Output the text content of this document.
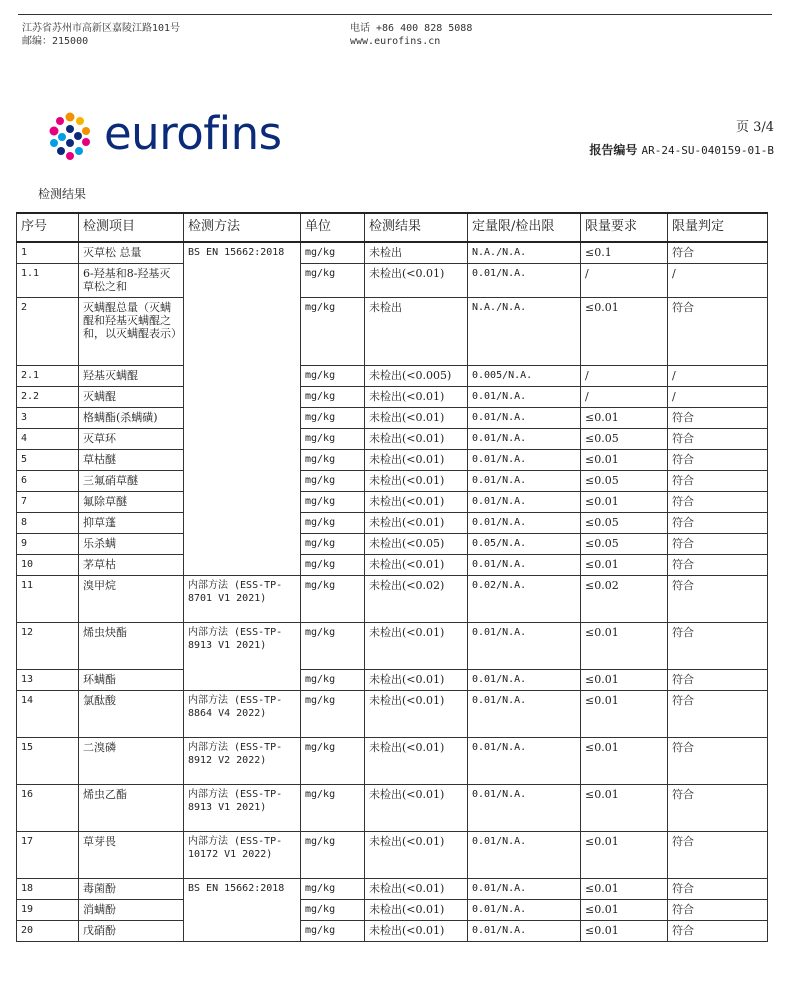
江苏省苏州市高新区嘉陵江路101号
邮编：215000
电话 +86 400 828 5088
www.eurofins.cn
eurofins	页 3/4
报告编号 AR-24-SU-040159-01-B
检测结果
序号	检测项目	检测方法	单位	检测结果	定量限/检出限	限量要求	限量判定
1	灭草松 总量	BS EN 15662:2018	mg/kg	未检出	N.A./N.A.	≤0.1	符合
1.1	6-羟基和8-羟基灭草松之和		mg/kg	未检出(<0.01)	0.01/N.A.	/	/
2	灭螨醌总量（灭螨醌和羟基灭螨醌之和，以灭螨醌表示）		mg/kg	未检出	N.A./N.A.	≤0.01	符合
2.1	羟基灭螨醌		mg/kg	未检出(<0.005)	0.005/N.A.	/	/
2.2	灭螨醌		mg/kg	未检出(<0.01)	0.01/N.A.	/	/
3	格螨酯(杀螨磺)		mg/kg	未检出(<0.01)	0.01/N.A.	≤0.01	符合
4	灭草环		mg/kg	未检出(<0.01)	0.01/N.A.	≤0.05	符合
5	草枯醚		mg/kg	未检出(<0.01)	0.01/N.A.	≤0.01	符合
6	三氟硝草醚		mg/kg	未检出(<0.01)	0.01/N.A.	≤0.05	符合
7	氟除草醚		mg/kg	未检出(<0.01)	0.01/N.A.	≤0.01	符合
8	抑草蓬		mg/kg	未检出(<0.01)	0.01/N.A.	≤0.05	符合
9	乐杀螨		mg/kg	未检出(<0.05)	0.05/N.A.	≤0.05	符合
10	茅草枯		mg/kg	未检出(<0.01)	0.01/N.A.	≤0.01	符合
11	溴甲烷	内部方法 (ESS-TP-8701 V1 2021)	mg/kg	未检出(<0.02)	0.02/N.A.	≤0.02	符合
12	烯虫炔酯	内部方法 (ESS-TP-8913 V1 2021)	mg/kg	未检出(<0.01)	0.01/N.A.	≤0.01	符合
13	环螨酯		mg/kg	未检出(<0.01)	0.01/N.A.	≤0.01	符合
14	氯酞酸	内部方法 (ESS-TP-8864 V4 2022)	mg/kg	未检出(<0.01)	0.01/N.A.	≤0.01	符合
15	二溴磷	内部方法 (ESS-TP-8912 V2 2022)	mg/kg	未检出(<0.01)	0.01/N.A.	≤0.01	符合
16	烯虫乙酯	内部方法 (ESS-TP-8913 V1 2021)	mg/kg	未检出(<0.01)	0.01/N.A.	≤0.01	符合
17	草芽畏	内部方法 (ESS-TP-10172 V1 2022)	mg/kg	未检出(<0.01)	0.01/N.A.	≤0.01	符合
18	毒菌酚	BS EN 15662:2018	mg/kg	未检出(<0.01)	0.01/N.A.	≤0.01	符合
19	消螨酚		mg/kg	未检出(<0.01)	0.01/N.A.	≤0.01	符合
20	戊硝酚		mg/kg	未检出(<0.01)	0.01/N.A.	≤0.01	符合
